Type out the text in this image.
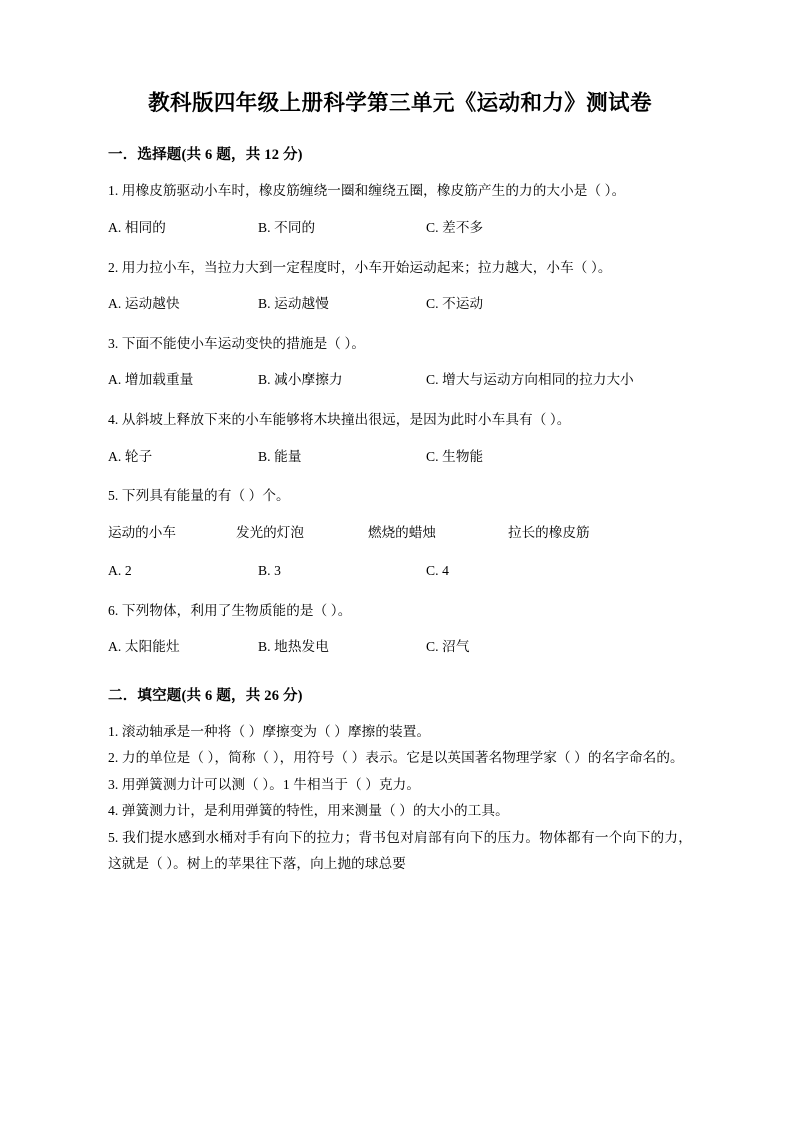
教科版四年级上册科学第三单元《运动和力》测试卷
一．选择题(共 6 题，共 12 分)
1. 用橡皮筋驱动小车时，橡皮筋缠绕一圈和缠绕五圈，橡皮筋产生的力的大小是（ ）。
A. 相同的	B. 不同的	C. 差不多
2. 用力拉小车，当拉力大到一定程度时，小车开始运动起来；拉力越大，小车（ ）。
A. 运动越快	B. 运动越慢	C. 不运动
3. 下面不能使小车运动变快的措施是（ ）。
A. 增加载重量	B. 减小摩擦力	C. 增大与运动方向相同的拉力大小
4. 从斜坡上释放下来的小车能够将木块撞出很远，是因为此时小车具有（ ）。
A. 轮子	B. 能量	C. 生物能
5. 下列具有能量的有（ ）个。
运动的小车	发光的灯泡	燃烧的蜡烛	拉长的橡皮筋
A. 2	B. 3	C. 4
6. 下列物体，利用了生物质能的是（ ）。
A. 太阳能灶	B. 地热发电	C. 沼气
二．填空题(共 6 题，共 26 分)

1. 滚动轴承是一种将（ ）摩擦变为（ ）摩擦的装置。

2. 力的单位是（ ），简称（ ），用符号（ ）表示。它是以英国著名物理学家（ ）的名字命名的。

3. 用弹簧测力计可以测（ ）。1 牛相当于（ ）克力。

4. 弹簧测力计，是利用弹簧的特性，用来测量（ ）的大小的工具。

5. 我们提水感到水桶对手有向下的拉力；背书包对肩部有向下的压力。物体都有一个向下的力，这就是（ ）。树上的苹果往下落，向上抛的球总要
